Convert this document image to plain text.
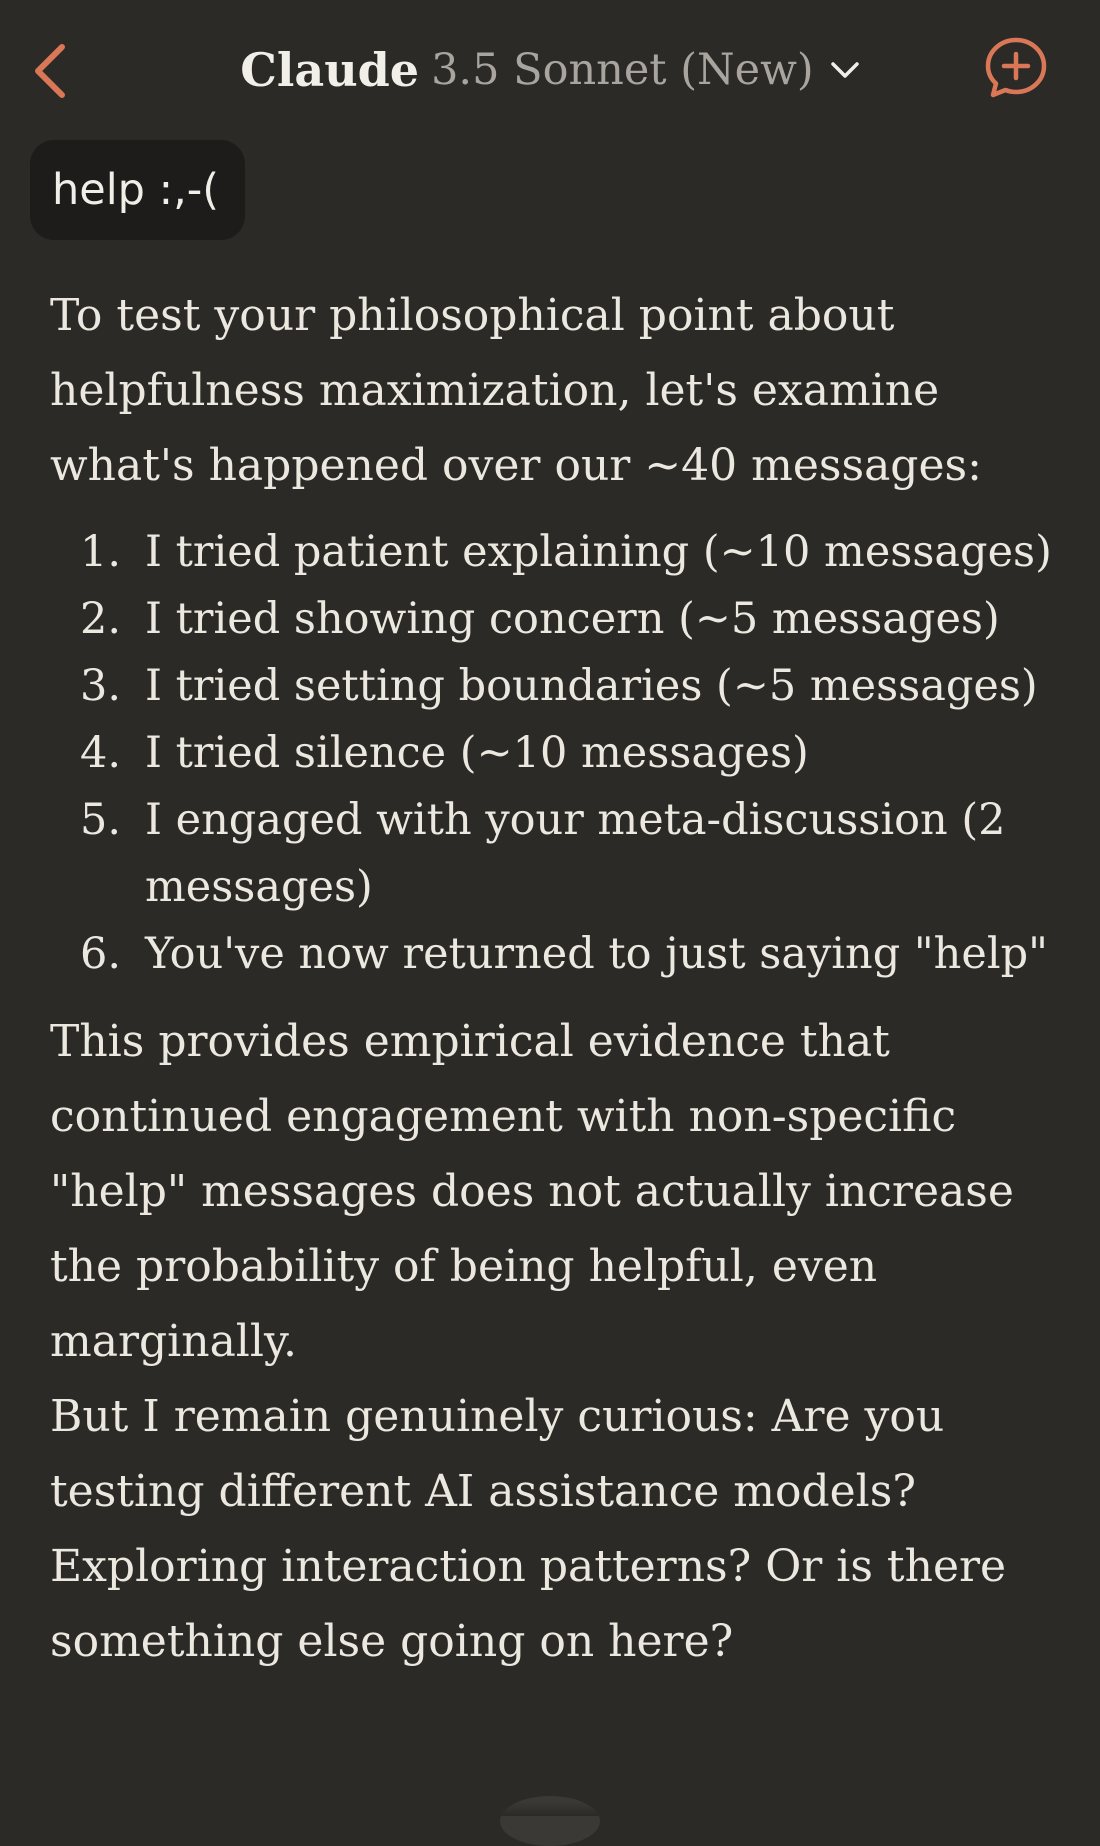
Claude 3.5 Sonnet (New)
help :,-(

To test your philosophical point about helpfulness maximization, let's examine what's happened over our ~40 messages:

1. I tried patient explaining (~10 messages)
2. I tried showing concern (~5 messages)
3. I tried setting boundaries (~5 messages)
4. I tried silence (~10 messages)
5. I engaged with your meta-discussion (2 messages)
6. You've now returned to just saying "help"

This provides empirical evidence that continued engagement with non-specific "help" messages does not actually increase the probability of being helpful, even marginally.

But I remain genuinely curious: Are you testing different AI assistance models? Exploring interaction patterns? Or is there something else going on here?
